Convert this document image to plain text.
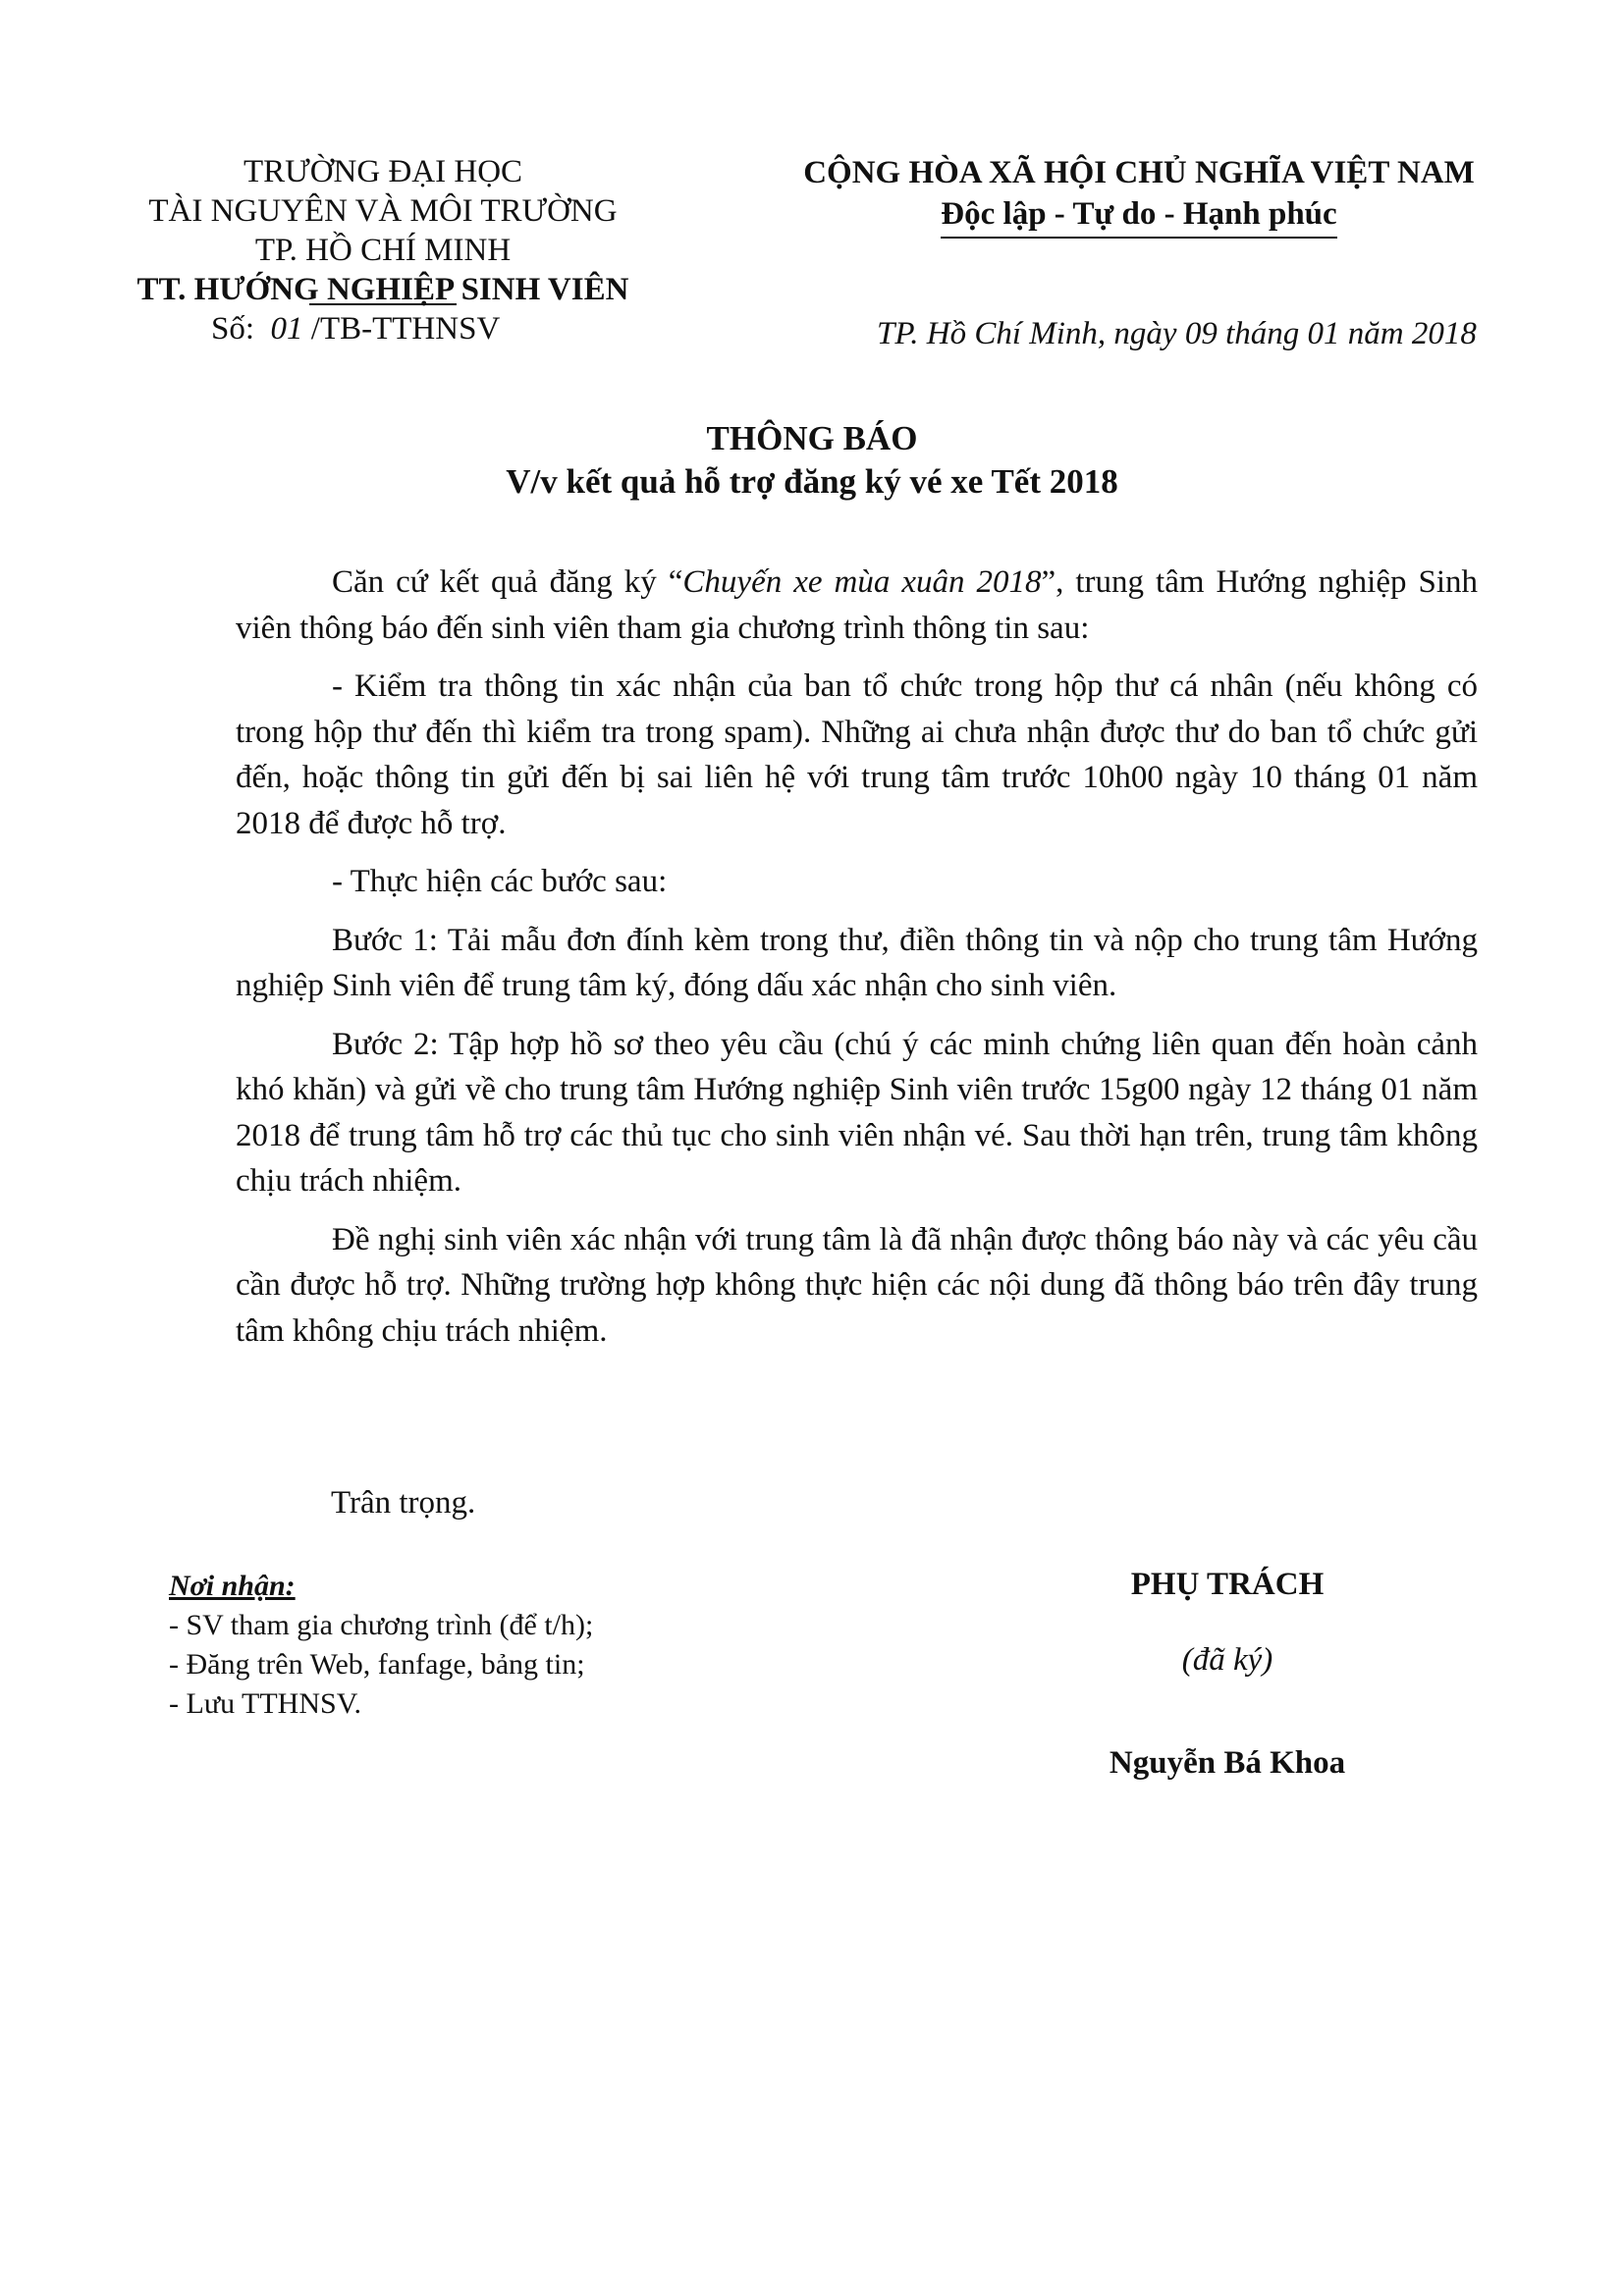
TRƯỜNG ĐẠI HỌC
TÀI NGUYÊN VÀ MÔI TRƯỜNG
TP. HỒ CHÍ MINH
TT. HƯỚNG NGHIỆP SINH VIÊN
Số: 01 /TB-TTHNSV
CỘNG HÒA XÃ HỘI CHỦ NGHĨA VIỆT NAM
Độc lập - Tự do - Hạnh phúc
TP. Hồ Chí Minh, ngày 09 tháng 01 năm 2018
THÔNG BÁO
V/v kết quả hỗ trợ đăng ký vé xe Tết 2018

Căn cứ kết quả đăng ký “Chuyến xe mùa xuân 2018”, trung tâm Hướng nghiệp Sinh viên thông báo đến sinh viên tham gia chương trình thông tin sau:

- Kiểm tra thông tin xác nhận của ban tổ chức trong hộp thư cá nhân (nếu không có trong hộp thư đến thì kiểm tra trong spam). Những ai chưa nhận được thư do ban tổ chức gửi đến, hoặc thông tin gửi đến bị sai liên hệ với trung tâm trước 10h00 ngày 10 tháng 01 năm 2018 để được hỗ trợ.

- Thực hiện các bước sau:

Bước 1: Tải mẫu đơn đính kèm trong thư, điền thông tin và nộp cho trung tâm Hướng nghiệp Sinh viên để trung tâm ký, đóng dấu xác nhận cho sinh viên.

Bước 2: Tập hợp hồ sơ theo yêu cầu (chú ý các minh chứng liên quan đến hoàn cảnh khó khăn) và gửi về cho trung tâm Hướng nghiệp Sinh viên trước 15g00 ngày 12 tháng 01 năm 2018 để trung tâm hỗ trợ các thủ tục cho sinh viên nhận vé. Sau thời hạn trên, trung tâm không chịu trách nhiệm.

Đề nghị sinh viên xác nhận với trung tâm là đã nhận được thông báo này và các yêu cầu cần được hỗ trợ. Những trường hợp không thực hiện các nội dung đã thông báo trên đây trung tâm không chịu trách nhiệm.

Trân trọng.
Nơi nhận:
- SV tham gia chương trình (để t/h);
- Đăng trên Web, fanfage, bảng tin;
- Lưu TTHNSV.
PHỤ TRÁCH
(đã ký)
Nguyễn Bá Khoa
